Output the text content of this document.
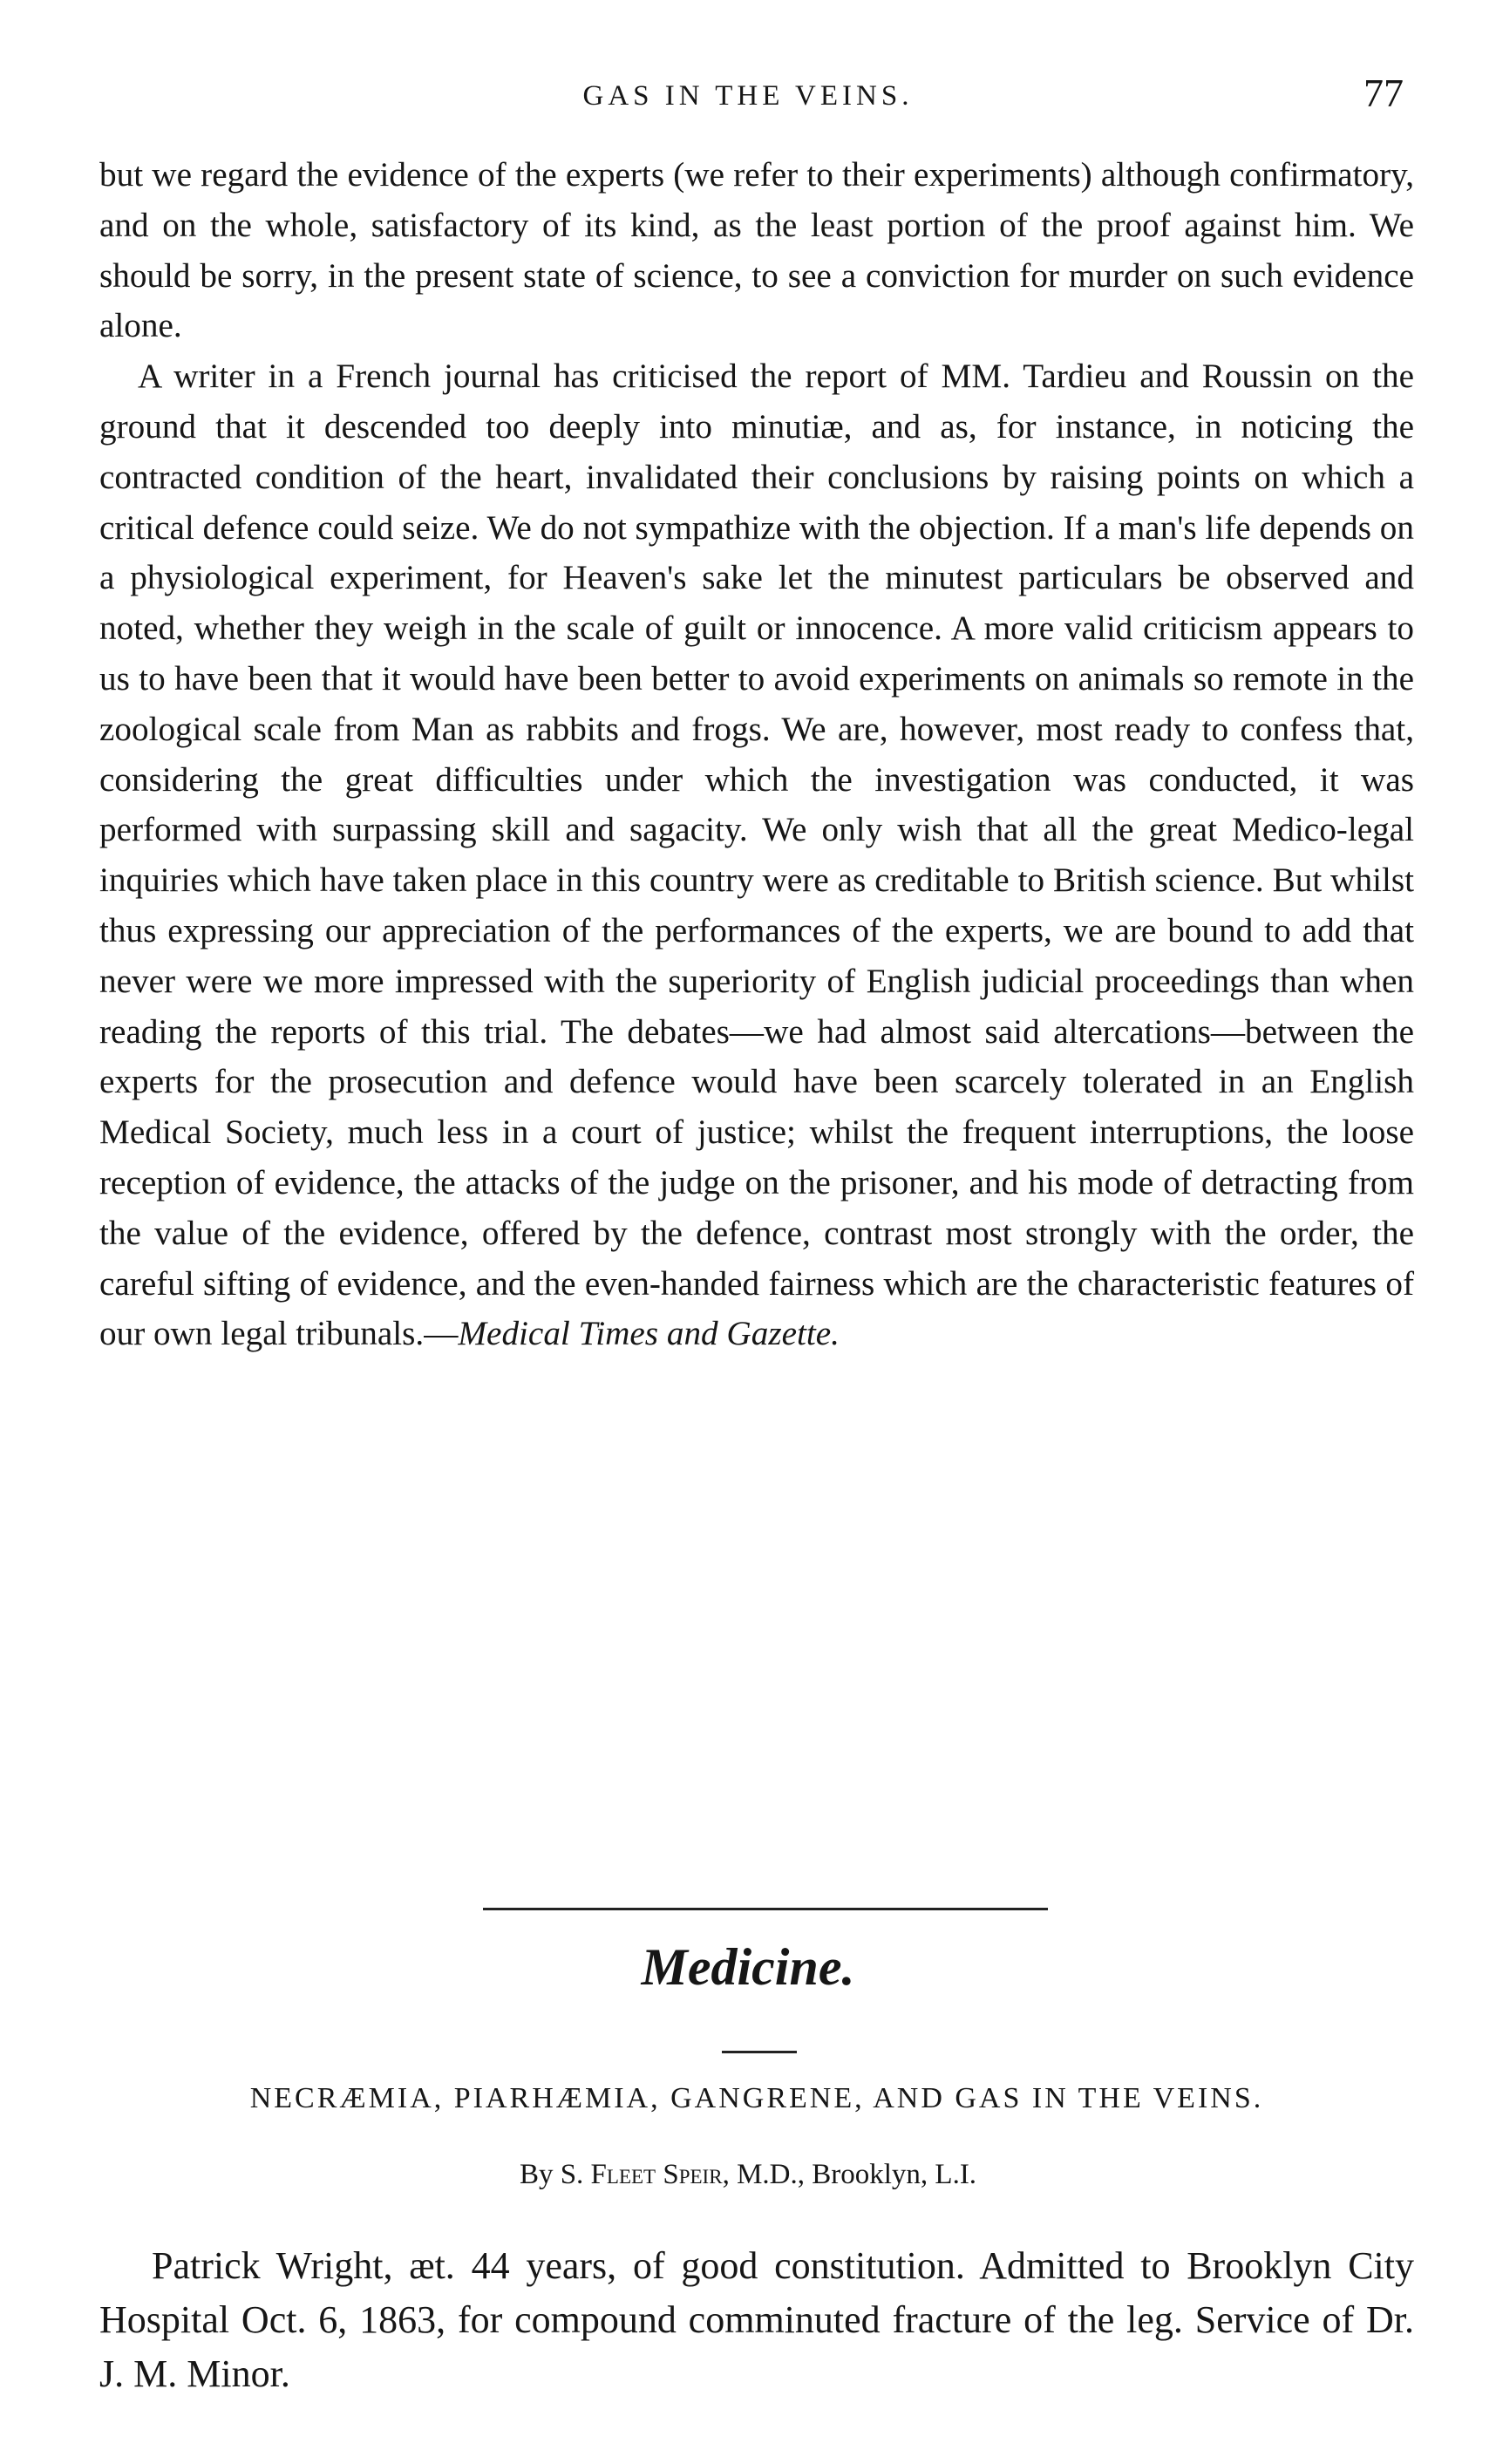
GAS IN THE VEINS.	77

but we regard the evidence of the experts (we refer to their experiments) although confirmatory, and on the whole, satisfactory of its kind, as the least portion of the proof against him. We should be sorry, in the present state of science, to see a conviction for murder on such evidence alone.

A writer in a French journal has criticised the report of MM. Tardieu and Roussin on the ground that it descended too deeply into minutiæ, and as, for instance, in noticing the contracted condition of the heart, invalidated their conclusions by raising points on which a critical defence could seize. We do not sympathize with the objection. If a man's life depends on a physiological experiment, for Heaven's sake let the minutest particulars be observed and noted, whether they weigh in the scale of guilt or innocence. A more valid criticism appears to us to have been that it would have been better to avoid experiments on animals so remote in the zoological scale from Man as rabbits and frogs. We are, however, most ready to confess that, considering the great difficulties under which the investigation was conducted, it was performed with surpassing skill and sagacity. We only wish that all the great Medico-legal inquiries which have taken place in this country were as creditable to British science. But whilst thus expressing our appreciation of the performances of the experts, we are bound to add that never were we more impressed with the superiority of English judicial proceedings than when reading the reports of this trial. The debates—we had almost said altercations—between the experts for the prosecution and defence would have been scarcely tolerated in an English Medical Society, much less in a court of justice; whilst the frequent interruptions, the loose reception of evidence, the attacks of the judge on the prisoner, and his mode of detracting from the value of the evidence, offered by the defence, contrast most strongly with the order, the careful sifting of evidence, and the even-handed fairness which are the characteristic features of our own legal tribunals.—Medical Times and Gazette.

Medicine.
NECRÆMIA, PIARHÆMIA, GANGRENE, AND GAS IN THE VEINS.
By S. Fleet Speir, M.D., Brooklyn, L.I.

Patrick Wright, æt. 44 years, of good constitution. Admitted to Brooklyn City Hospital Oct. 6, 1863, for compound comminuted fracture of the leg. Service of Dr. J. M. Minor.
